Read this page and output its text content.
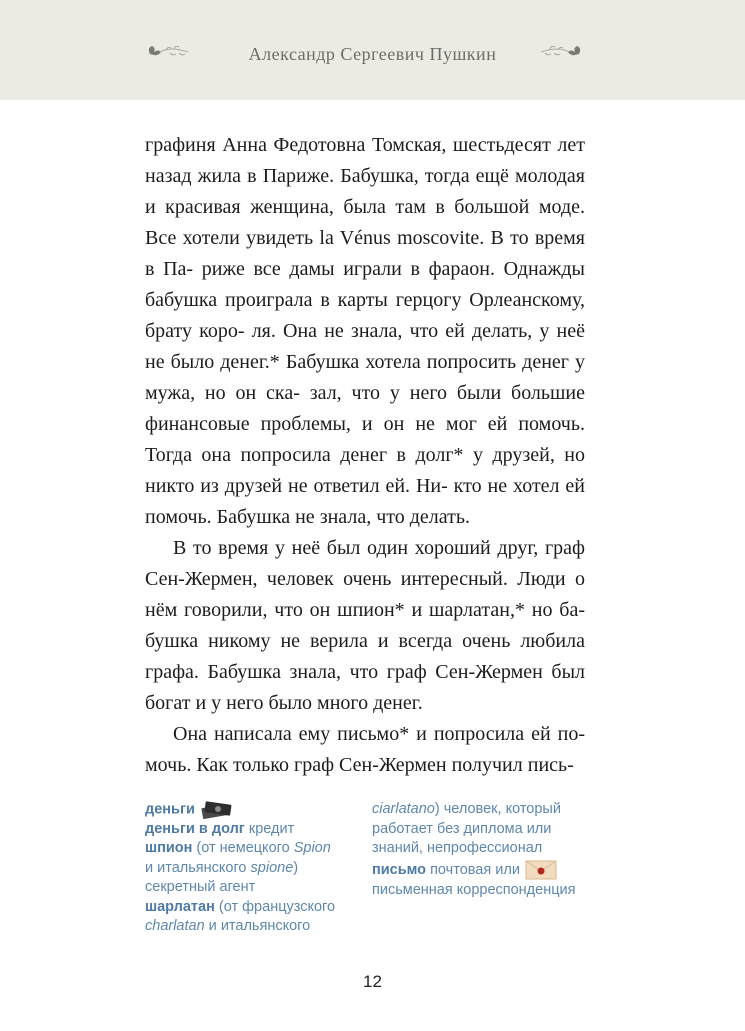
Александр Сергеевич Пушкин

графиня Анна Федотовна Томская, шестьдесят лет назад жила в Париже. Бабушка, тогда ещё молодая и красивая женщина, была там в большой моде. Все хотели увидеть la Vénus moscovite. В то время в Па- риже все дамы играли в фараон. Однажды бабушка проиграла в карты герцогу Орлеанскому, брату коро- ля. Она не знала, что ей делать, у неё не было денег.* Бабушка хотела попросить денег у мужа, но он ска- зал, что у него были большие финансовые проблемы, и он не мог ей помочь. Тогда она попросила денег в долг* у друзей, но никто из друзей не ответил ей. Ни- кто не хотел ей помочь. Бабушка не знала, что делать.

В то время у неё был один хороший друг, граф Сен-Жермен, человек очень интересный. Люди о нём говорили, что он шпион* и шарлатан,* но ба- бушка никому не верила и всегда очень любила графа. Бабушка знала, что граф Сен-Жермен был богат и у него было много денег.

Она написала ему письмо* и попросила ей по- мочь. Как только граф Сен-Жермен получил пись-

деньги
деньги в долг кредит
шпион (от немецкого Spion
и итальянского spione)
секретный агент
шарлатан (от французского
charlatan и итальянского
ciarlatano) человек, который
работает без диплома или
знаний, непрофессионал
письмо почтовая или
письменная корреспонденция
12
